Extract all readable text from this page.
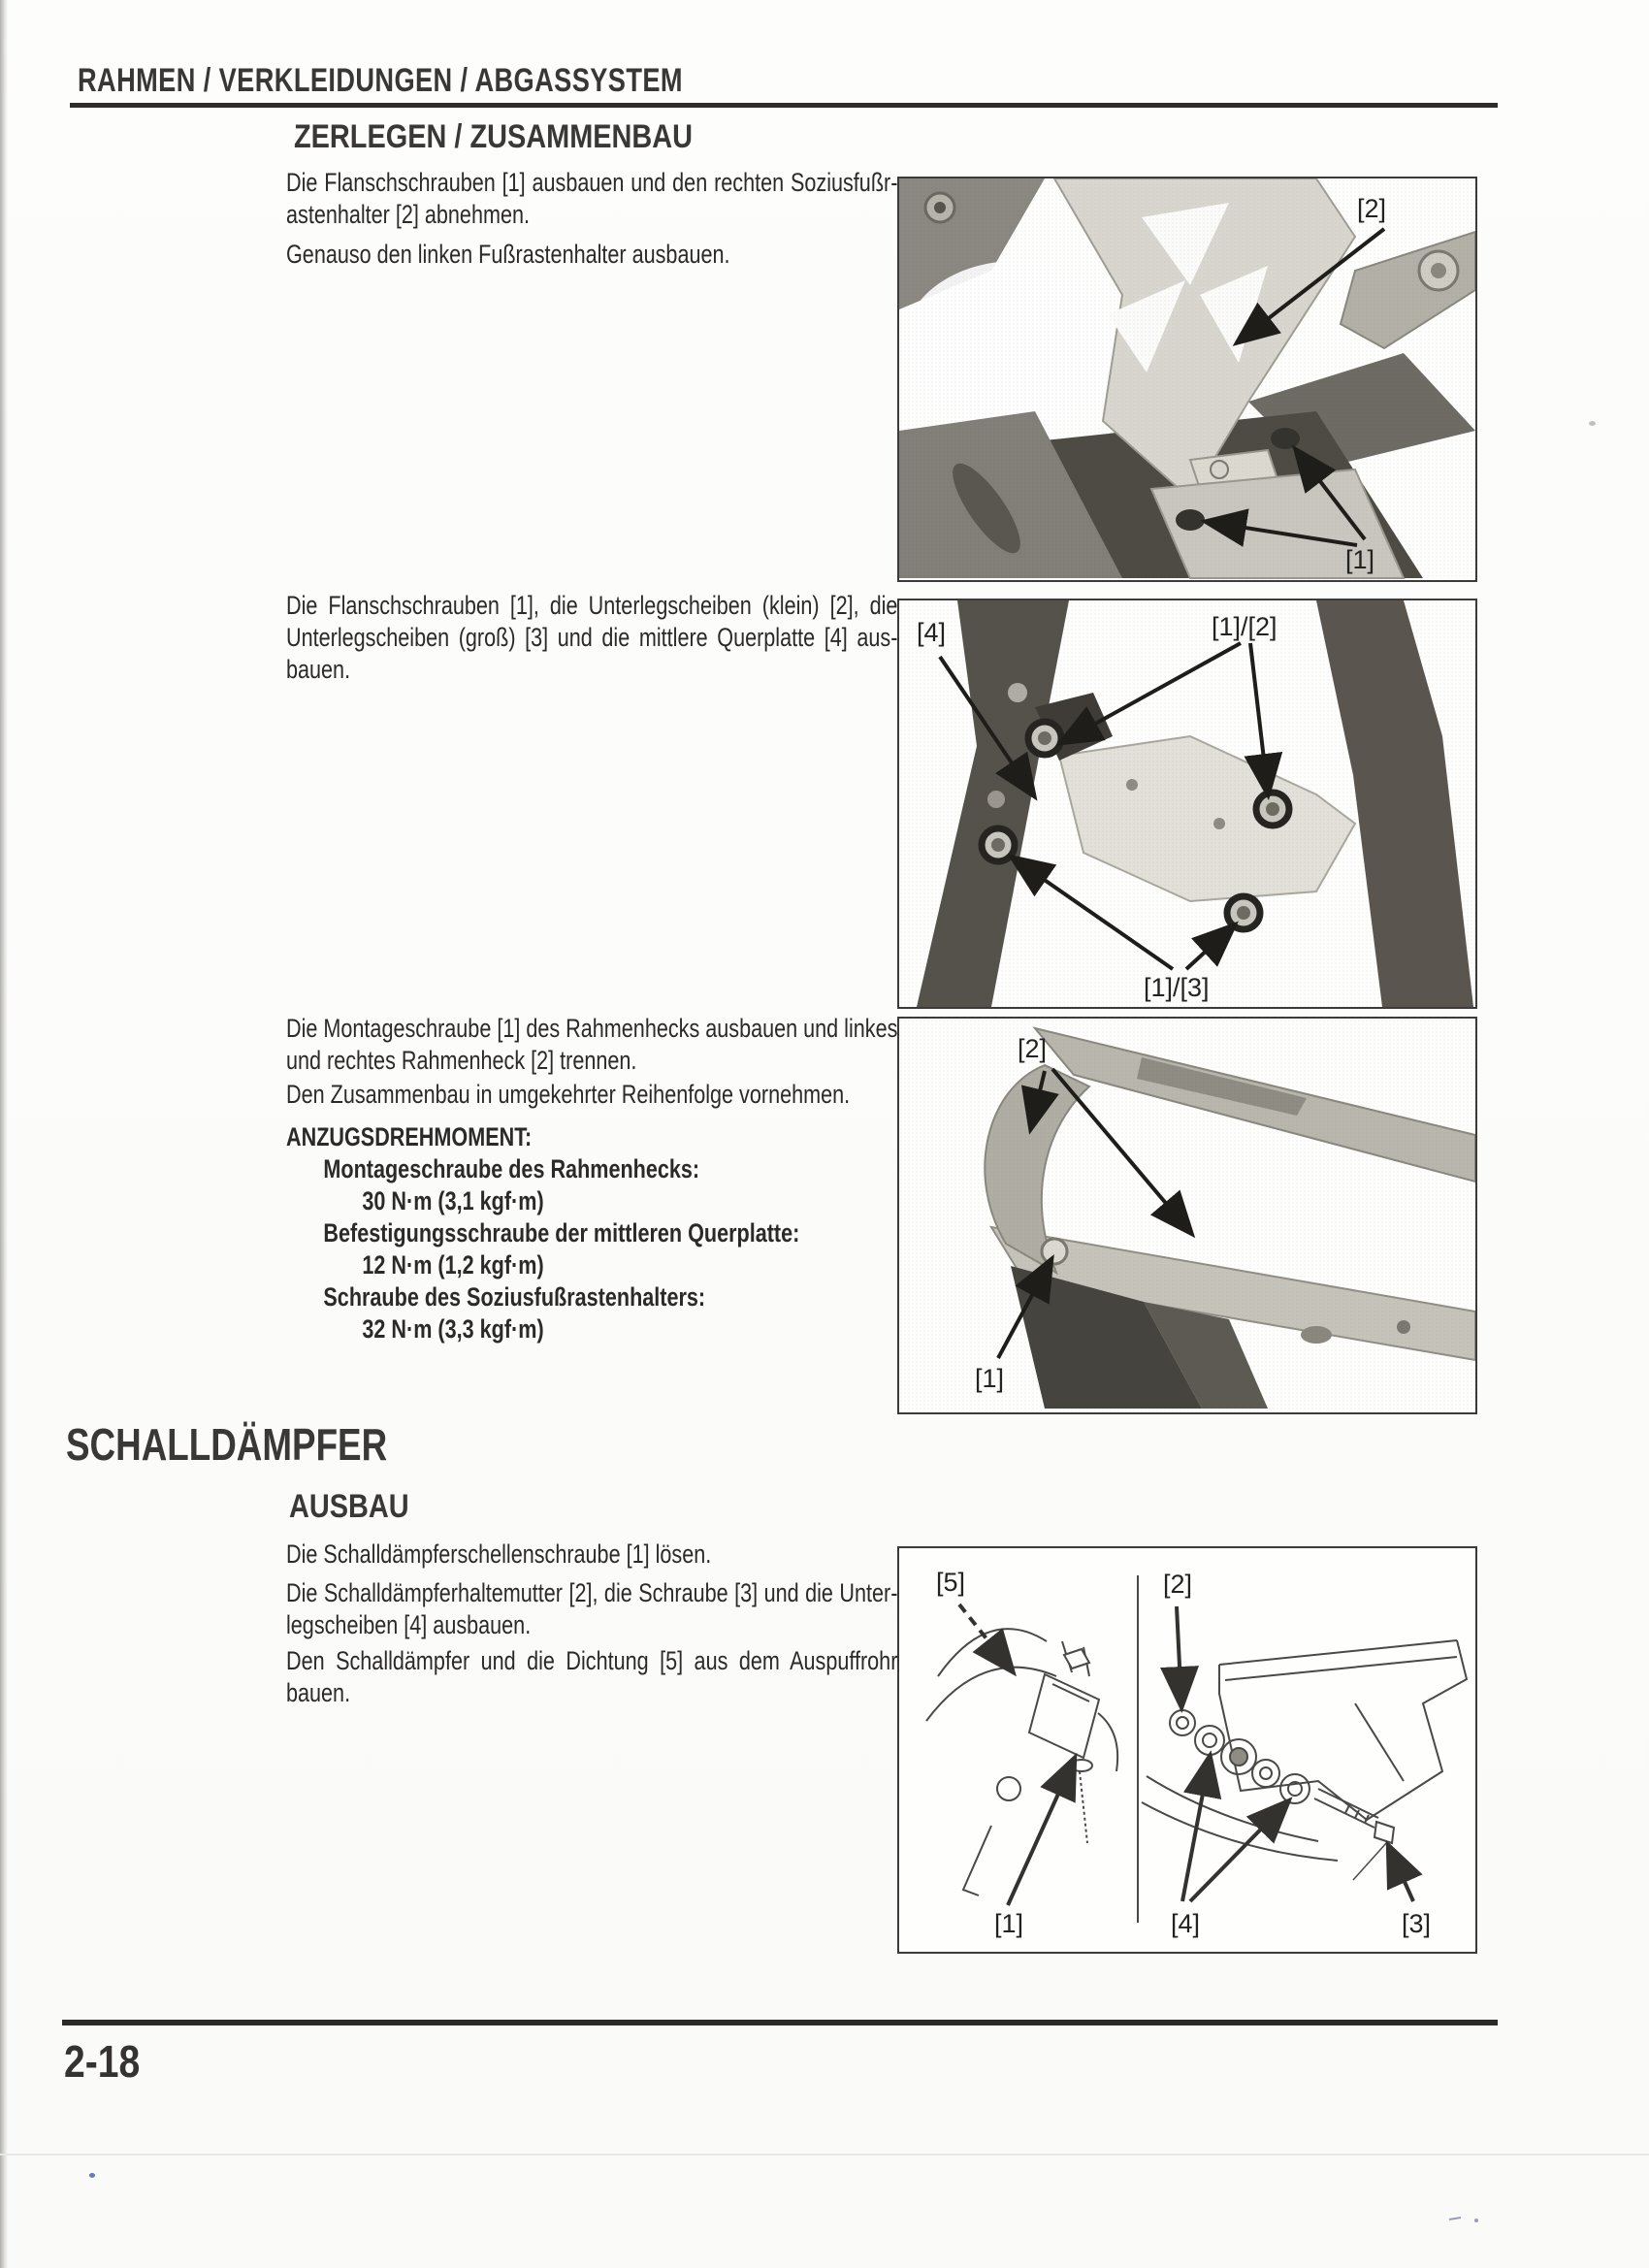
RAHMEN / VERKLEIDUNGEN / ABGASSYSTEM
ZERLEGEN / ZUSAMMENBAU
Die Flanschschrauben [1] ausbauen und den rechten Soziusfußr-
astenhalter [2] abnehmen.
Genauso den linken Fußrastenhalter ausbauen.
Die Flanschschrauben [1], die Unterlegscheiben (klein) [2], die
Unterlegscheiben (groß) [3] und die mittlere Querplatte [4] aus-
bauen.
Die Montageschraube [1] des Rahmenhecks ausbauen und linkes
und rechtes Rahmenheck [2] trennen.
Den Zusammenbau in umgekehrter Reihenfolge vornehmen.
ANZUGSDREHMOMENT:
Montageschraube des Rahmenhecks:
30 N·m (3,1 kgf·m)
Befestigungsschraube der mittleren Querplatte:
12 N·m (1,2 kgf·m)
Schraube des Soziusfußrastenhalters:
32 N·m (3,3 kgf·m)
SCHALLDÄMPFER
AUSBAU
Die Schalldämpferschellenschraube [1] lösen.
Die Schalldämpferhaltemutter [2], die Schraube [3] und die Unter-
legscheiben [4] ausbauen.
Den Schalldämpfer und die Dichtung [5] aus dem Auspuffrohr
bauen.
[2]
[1]
[4]	[1]/[2]
[1]/[3]
[2]
[1]
[5]	[2]
[1]	[4]	[3]
2-18
